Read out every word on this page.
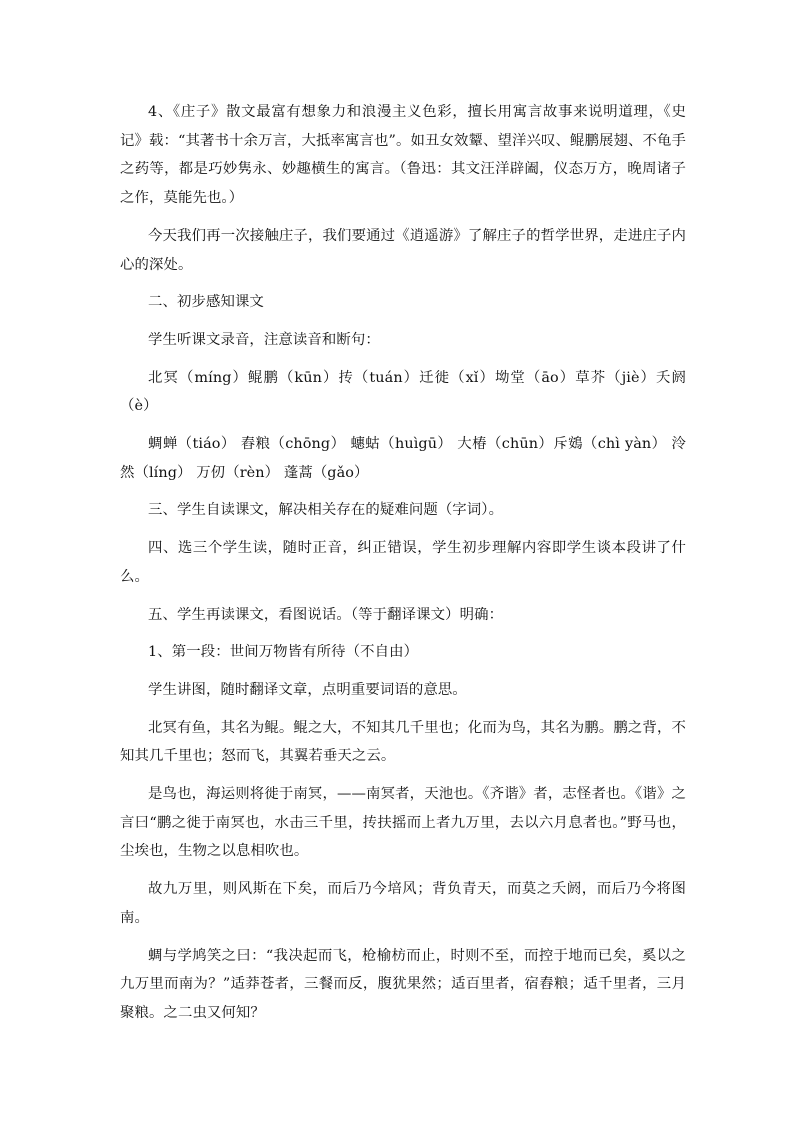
4、《庄子》散文最富有想象力和浪漫主义色彩，擅长用寓言故事来说明道理，《史记》载：“其著书十余万言，大抵率寓言也”。如丑女效颦、望洋兴叹、鲲鹏展翅、不龟手之药等，都是巧妙隽永、妙趣横生的寓言。（鲁迅：其文汪洋辟阖，仪态万方，晚周诸子之作，莫能先也。）

今天我们再一次接触庄子，我们要通过《逍遥游》了解庄子的哲学世界，走进庄子内心的深处。

二、初步感知课文

学生听课文录音，注意读音和断句：

北冥（míng）鲲鹏（kūn）抟（tuán）迁徙（xǐ）坳堂（āo）草芥（jiè）夭阏（è）

蜩蝉（tiáo） 舂粮（chōng） 蟪蛄（huìgū） 大椿（chūn）斥鴳（chì yàn） 泠然（líng） 万仞（rèn） 蓬蒿（gǎo）

三、学生自读课文，解决相关存在的疑难问题（字词）。

四、选三个学生读，随时正音，纠正错误，学生初步理解内容即学生谈本段讲了什么。

五、学生再读课文，看图说话。（等于翻译课文）明确：

1、第一段：世间万物皆有所待（不自由）

学生讲图，随时翻译文章，点明重要词语的意思。

北冥有鱼，其名为鲲。鲲之大，不知其几千里也；化而为鸟，其名为鹏。鹏之背，不知其几千里也；怒而飞，其翼若垂天之云。

是鸟也，海运则将徙于南冥，——南冥者，天池也。《齐谐》者，志怪者也。《谐》之言曰“鹏之徙于南冥也，水击三千里，抟扶摇而上者九万里，去以六月息者也。”野马也，尘埃也，生物之以息相吹也。

故九万里，则风斯在下矣，而后乃今培风；背负青天，而莫之夭阏，而后乃今将图南。

蜩与学鸠笑之曰：“我决起而飞，枪榆枋而止，时则不至，而控于地而已矣，奚以之九万里而南为？”适莽苍者，三餐而反，腹犹果然；适百里者，宿舂粮；适千里者，三月聚粮。之二虫又何知？
